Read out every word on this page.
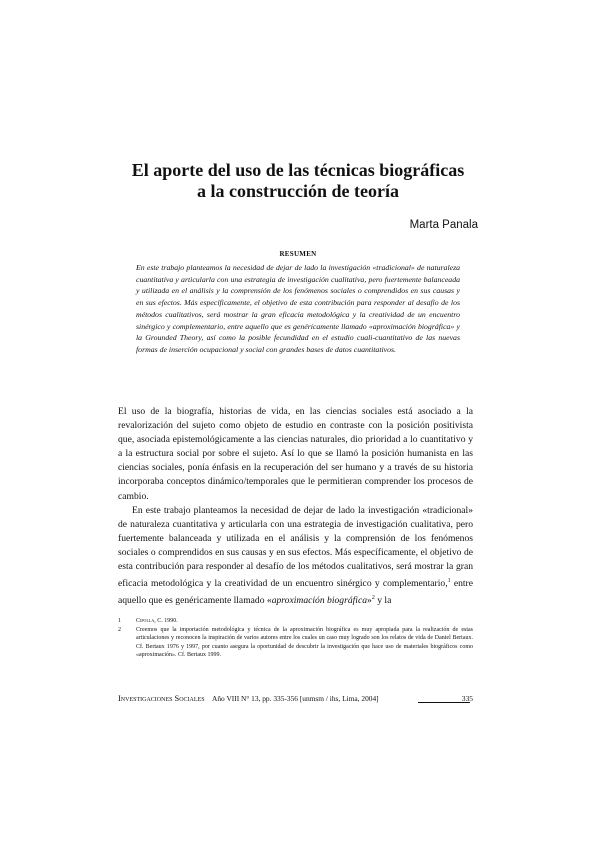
El aporte del uso de las técnicas biográficas
a la construcción de teoría
Marta Panala
RESUMEN

En este trabajo planteamos la necesidad de dejar de lado la investigación «tradicional» de naturaleza cuantitativa y articularla con una estrategia de investigación cualitativa, pero fuertemente balanceada y utilizada en el análisis y la comprensión de los fenómenos sociales o comprendidos en sus causas y en sus efectos. Más específicamente, el objetivo de esta contribución para responder al desafío de los métodos cualitativos, será mostrar la gran eficacia metodológica y la creatividad de un encuentro sinérgico y complementario, entre aquello que es genéricamente llamado «aproximación biográfica» y la Grounded Theory, así como la posible fecundidad en el estudio cuali-cuantitativo de las nuevas formas de inserción ocupacional y social con grandes bases de datos cuantitativos.

El uso de la biografía, historias de vida, en las ciencias sociales está asociado a la revalorización del sujeto como objeto de estudio en contraste con la posición positivista que, asociada epistemológicamente a las ciencias naturales, dio prioridad a lo cuantitativo y a la estructura social por sobre el sujeto. Así lo que se llamó la posición humanista en las ciencias sociales, ponía énfasis en la recuperación del ser humano y a través de su historia incorporaba conceptos dinámico/temporales que le permitieran comprender los procesos de cambio.

En este trabajo planteamos la necesidad de dejar de lado la investigación «tradicional» de naturaleza cuantitativa y articularla con una estrategia de investigación cualitativa, pero fuertemente balanceada y utilizada en el análisis y la comprensión de los fenómenos sociales o comprendidos en sus causas y en sus efectos. Más específicamente, el objetivo de esta contribución para responder al desafío de los métodos cualitativos, será mostrar la gran eficacia metodológica y la creatividad de un encuentro sinérgico y complementario,$^1$ entre aquello que es genéricamente llamado «aproximación biográfica»$^2$ y la

1	Cipolla, C. 1990.
2	Creemos que la importación metodológica y técnica de la aproximación biográfica es muy apropiada para la realización de estas articulaciones y reconocen la inspiración de varios autores entre los cuales un caso muy logrado son los relatos de vida de Daniel Bertaux. Cf. Bertaux 1976 y 1997, por cuanto asegura la oportunidad de descubrir la investigación que hace uso de materiales biográficos como «aproximación». Cf. Bertaux 1999.
Investigaciones Sociales Año VIII N° 13, pp. 335-356 [unmsm / ihs, Lima, 2004]	335
